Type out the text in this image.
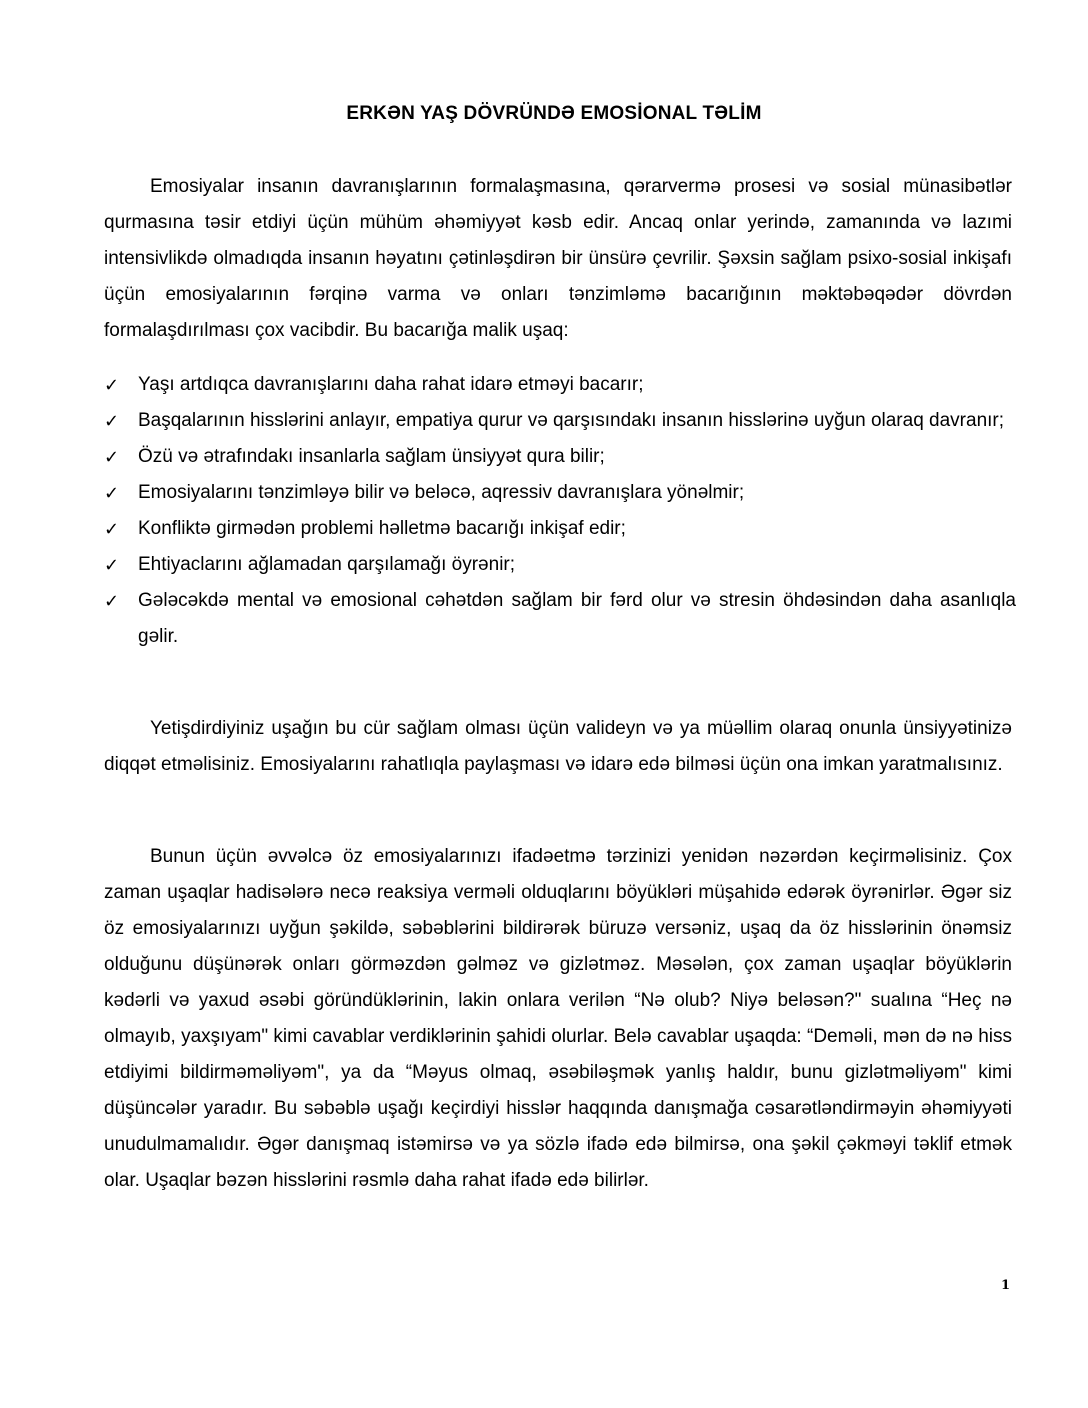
ERKƏN YAŞ DÖVRÜNDƏ EMOSİONAL TƏLİM

Emosiyalar insanın davranışlarının formalaşmasına, qərarvermə prosesi və sosial münasibətlər qurmasına təsir etdiyi üçün mühüm əhəmiyyət kəsb edir. Ancaq onlar yerində, zamanında və lazımi intensivlikdə olmadıqda insanın həyatını çətinləşdirən bir ünsürə çevrilir. Şəxsin sağlam psixo-sosial inkişafı üçün emosiyalarının fərqinə varma və onları tənzimləmə bacarığının məktəbəqədər dövrdən formalaşdırılması çox vacibdir. Bu bacarığa malik uşaq:

✓ Yaşı artdıqca davranışlarını daha rahat idarə etməyi bacarır;
✓ Başqalarının hisslərini anlayır, empatiya qurur və qarşısındakı insanın hisslərinə uyğun olaraq davranır;
✓ Özü və ətrafındakı insanlarla sağlam ünsiyyət qura bilir;
✓ Emosiyalarını tənzimləyə bilir və beləcə, aqressiv davranışlara yönəlmir;
✓ Konfliktə girmədən problemi həlletmə bacarığı inkişaf edir;
✓ Ehtiyaclarını ağlamadan qarşılamağı öyrənir;
✓ Gələcəkdə mental və emosional cəhətdən sağlam bir fərd olur və stresin öhdəsindən daha asanlıqla gəlir.

Yetişdirdiyiniz uşağın bu cür sağlam olması üçün valideyn və ya müəllim olaraq onunla ünsiyyətinizə diqqət etməlisiniz. Emosiyalarını rahatlıqla paylaşması və idarə edə bilməsi üçün ona imkan yaratmalısınız.

Bunun üçün əvvəlcə öz emosiyalarınızı ifadəetmə tərzinizi yenidən nəzərdən keçirməlisiniz. Çox zaman uşaqlar hadisələrə necə reaksiya verməli olduqlarını böyükləri müşahidə edərək öyrənirlər. Əgər siz öz emosiyalarınızı uyğun şəkildə, səbəblərini bildirərək büruzə versəniz, uşaq da öz hisslərinin önəmsiz olduğunu düşünərək onları görməzdən gəlməz və gizlətməz. Məsələn, çox zaman uşaqlar böyüklərin kədərli və yaxud əsəbi göründüklərinin, lakin onlara verilən “Nə olub? Niyə beləsən?" sualına “Heç nə olmayıb, yaxşıyam" kimi cavablar verdiklərinin şahidi olurlar. Belə cavablar uşaqda: “Deməli, mən də nə hiss etdiyimi bildirməməliyəm", ya da “Məyus olmaq, əsəbiləşmək yanlış haldır, bunu gizlətməliyəm" kimi düşüncələr yaradır. Bu səbəblə uşağı keçirdiyi hisslər haqqında danışmağa cəsarətləndirməyin əhəmiyyəti unudulmamalıdır. Əgər danışmaq istəmirsə və ya sözlə ifadə edə bilmirsə, ona şəkil çəkməyi təklif etmək olar. Uşaqlar bəzən hisslərini rəsmlə daha rahat ifadə edə bilirlər.

1
